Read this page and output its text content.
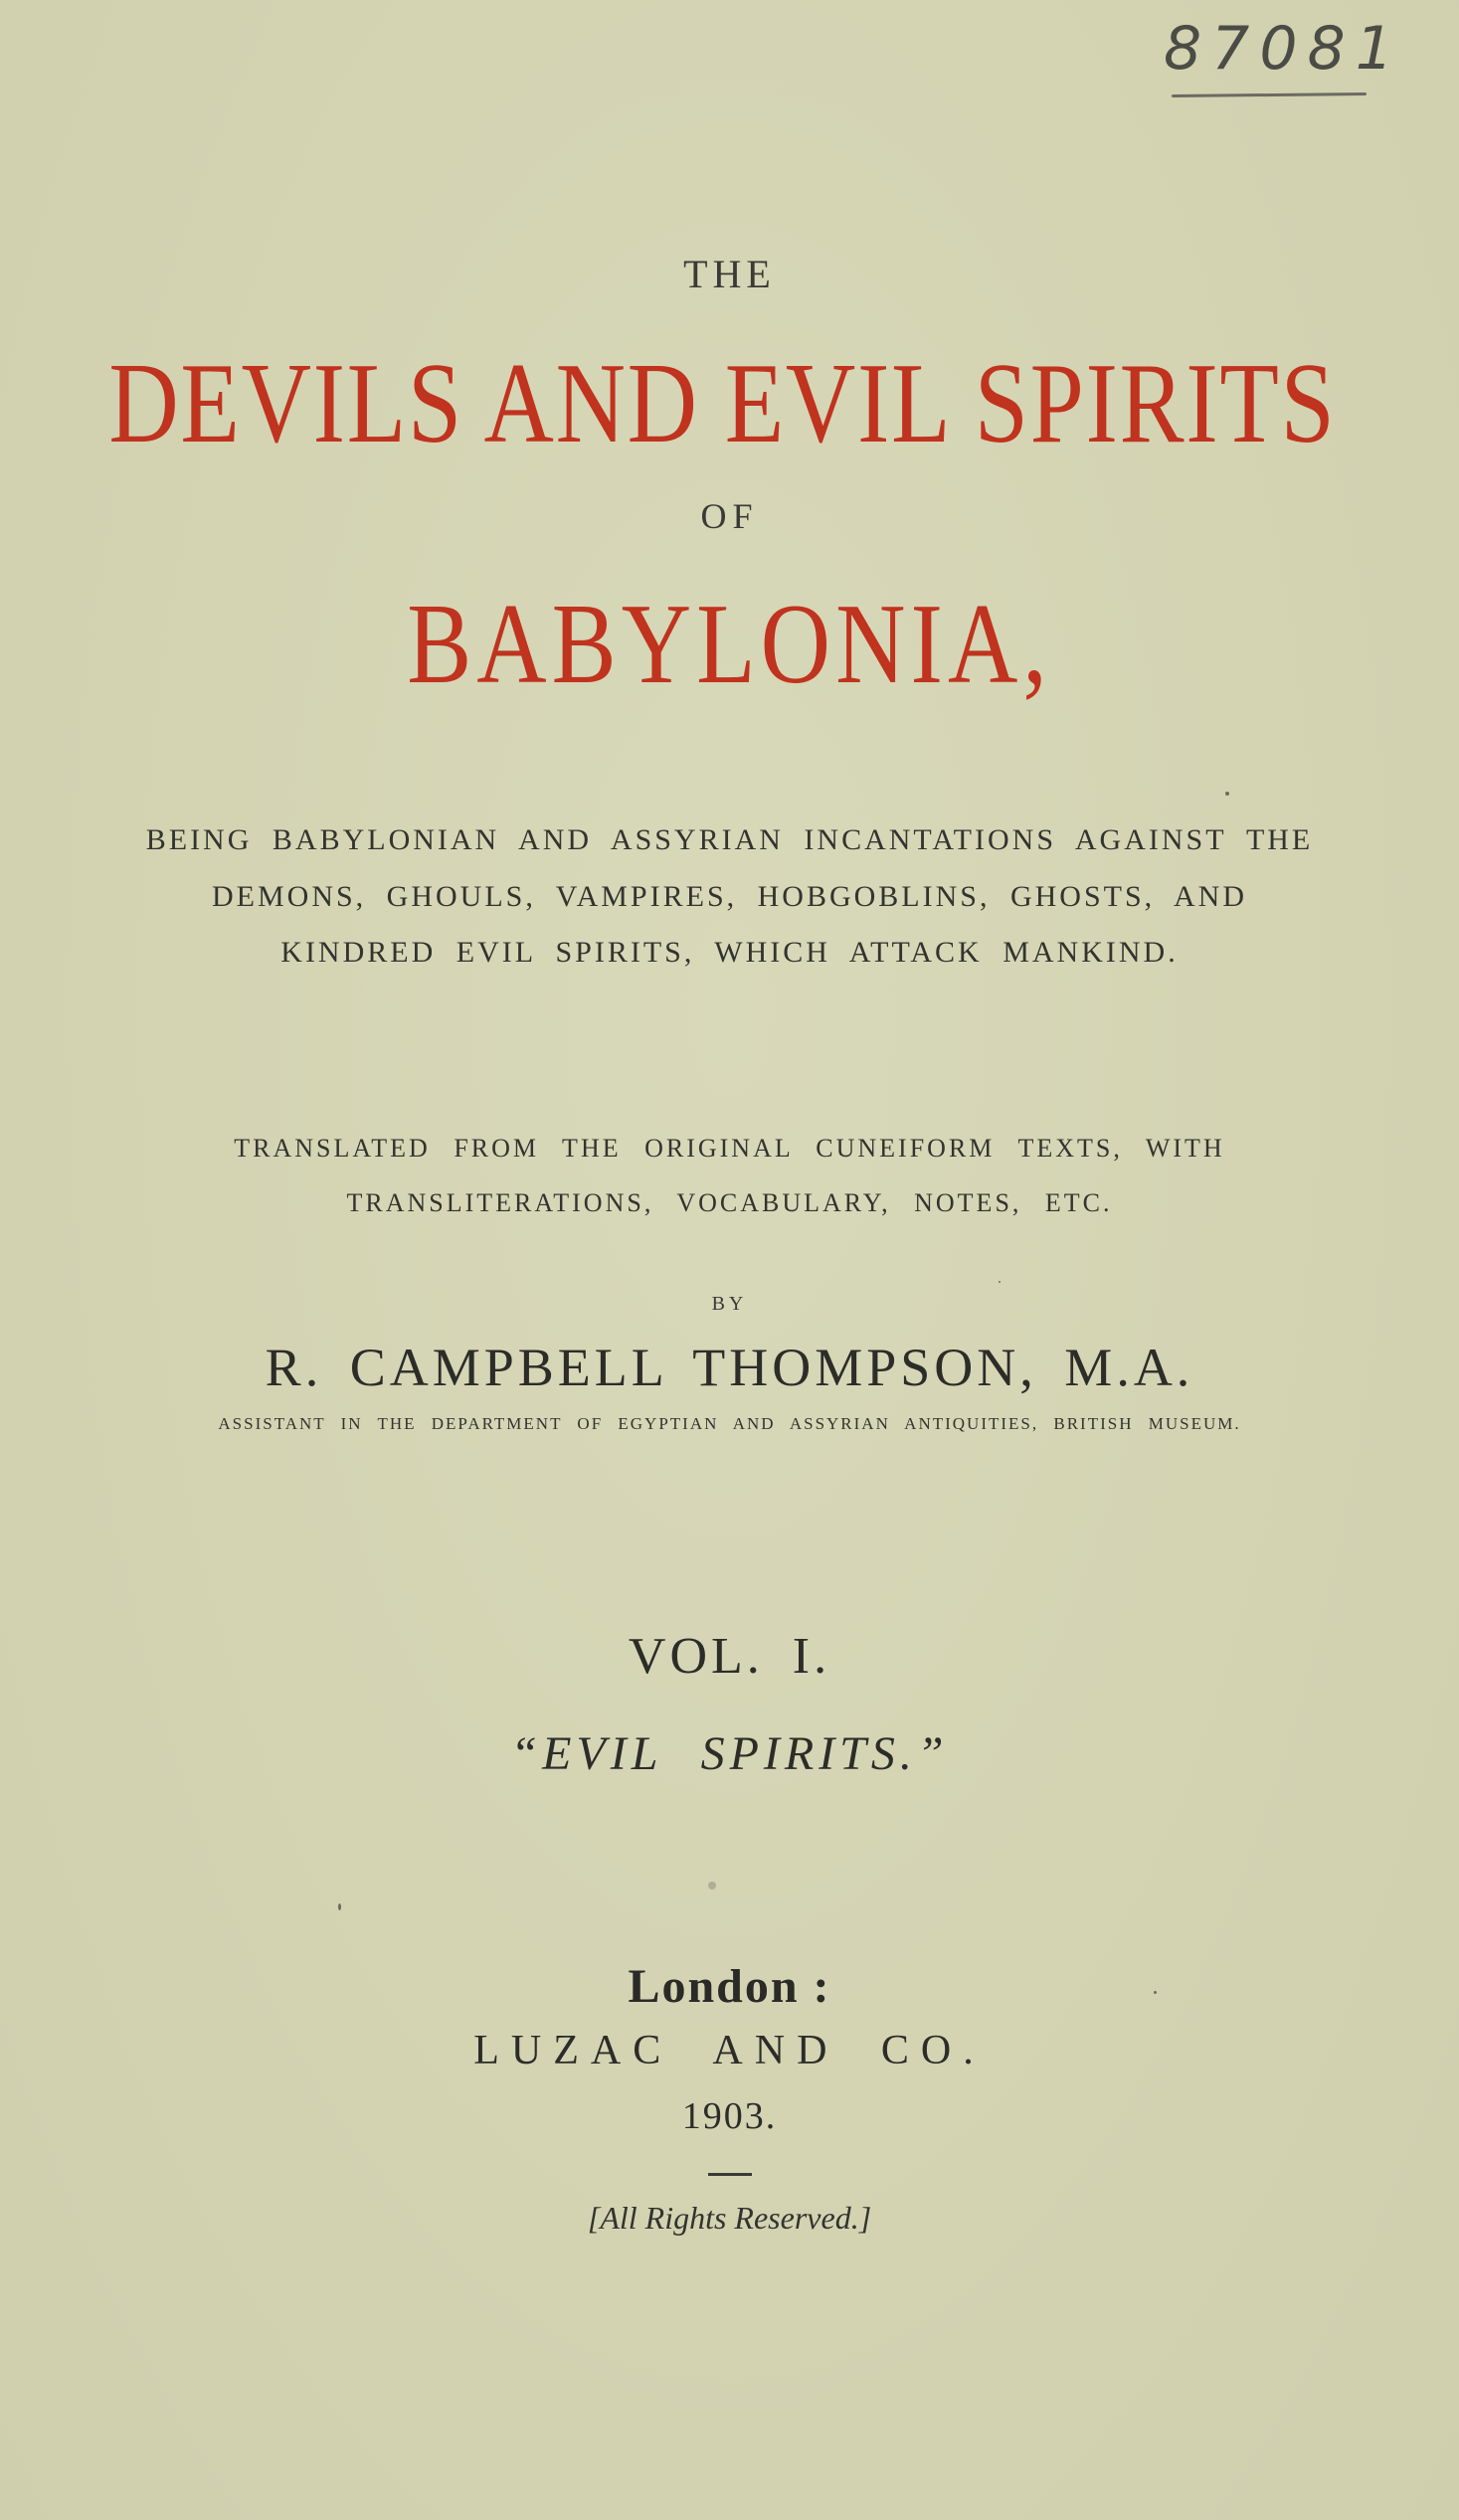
87081
THE
DEVILS AND EVIL SPIRITS
OF
BABYLONIA,
BEING BABYLONIAN AND ASSYRIAN INCANTATIONS AGAINST THE
DEMONS, GHOULS, VAMPIRES, HOBGOBLINS, GHOSTS, AND
KINDRED EVIL SPIRITS, WHICH ATTACK MANKIND.
TRANSLATED FROM THE ORIGINAL CUNEIFORM TEXTS, WITH
TRANSLITERATIONS, VOCABULARY, NOTES, ETC.
BY
R. CAMPBELL THOMPSON, M.A.
ASSISTANT IN THE DEPARTMENT OF EGYPTIAN AND ASSYRIAN ANTIQUITIES, BRITISH MUSEUM.
VOL. I.
“EVIL SPIRITS.”
London :
LUZAC AND CO.
1903.
[All Rights Reserved.]
